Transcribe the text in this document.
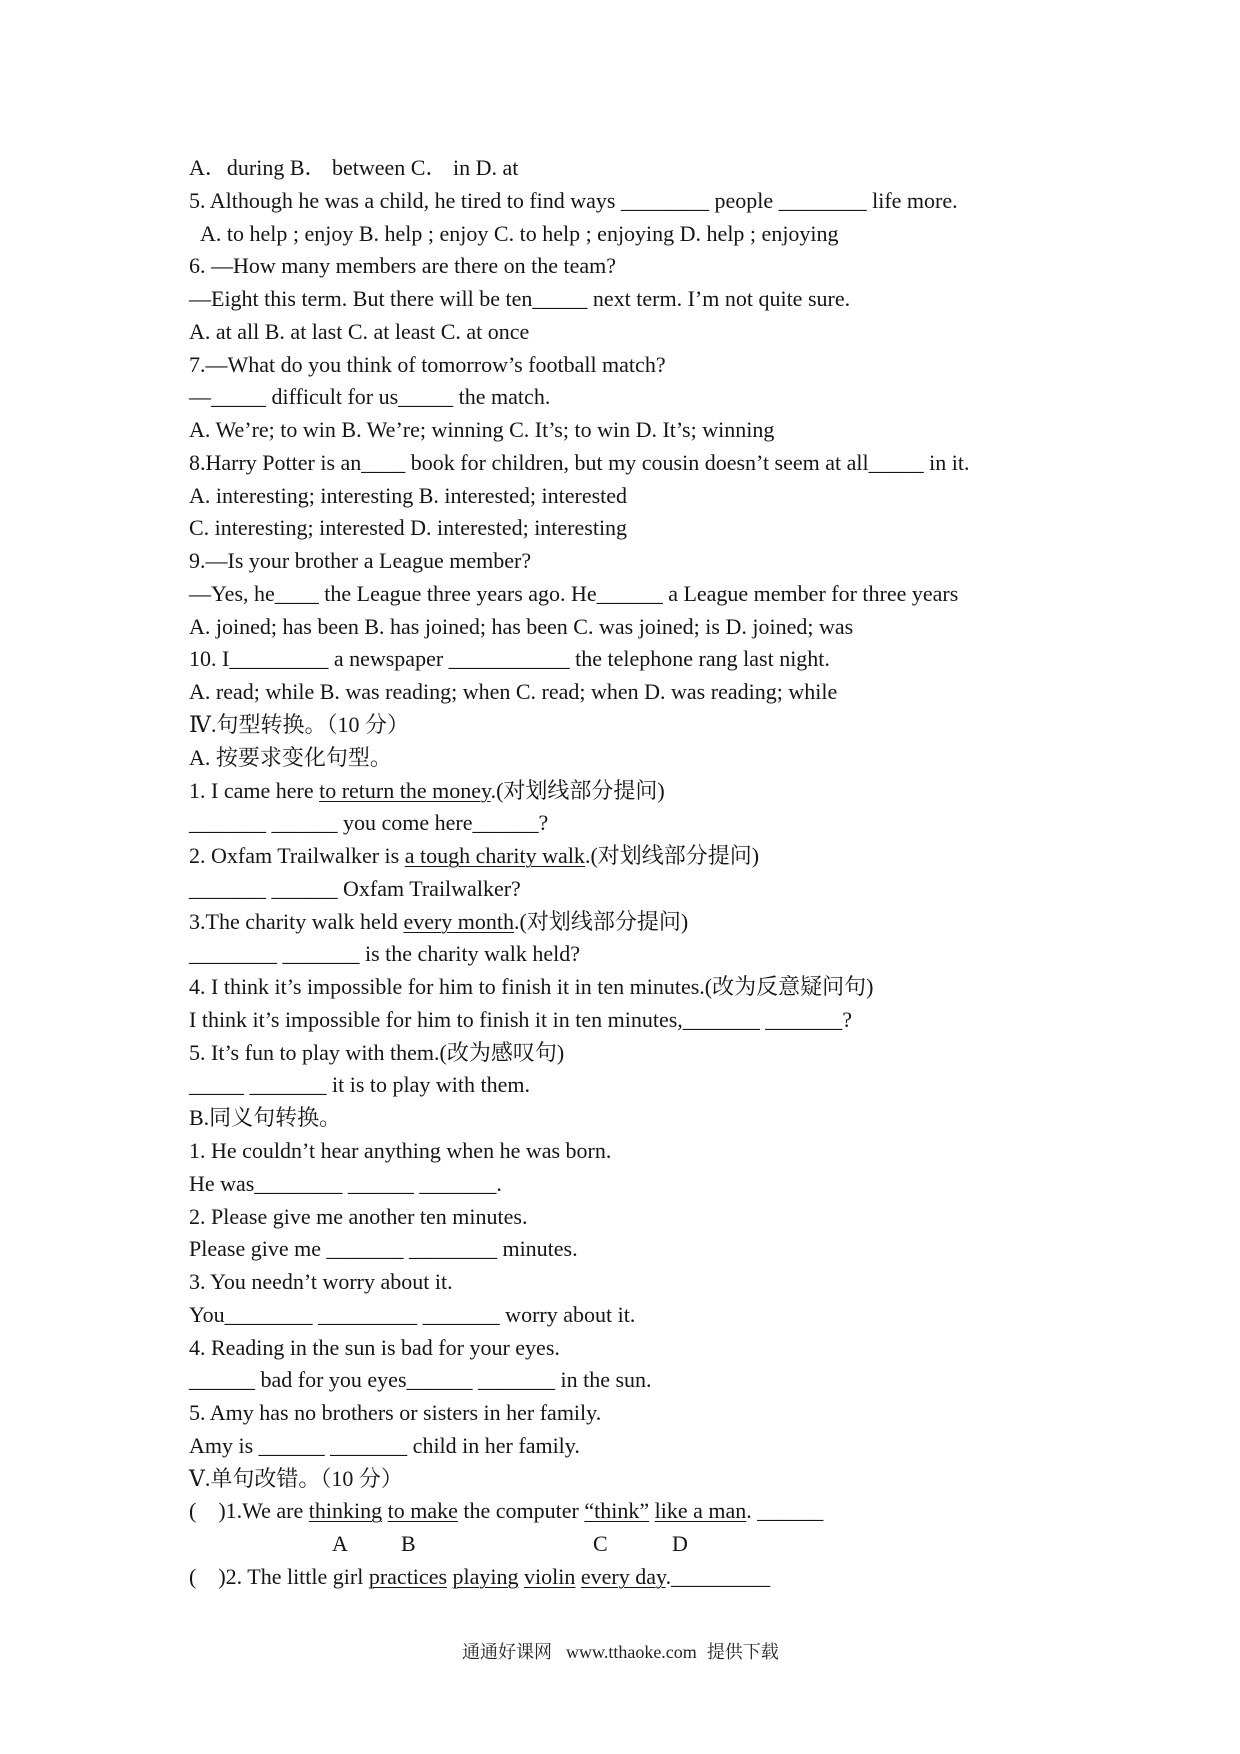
A．during B． between C． in D. at
5. Although he was a child, he tired to find ways ________ people ________ life more.
A. to help ; enjoy B. help ; enjoy C. to help ; enjoying D. help ; enjoying
6. —How many members are there on the team?
—Eight this term. But there will be ten_____ next term. I’m not quite sure.
A. at all B. at last C. at least C. at once
7.—What do you think of tomorrow’s football match?
—_____ difficult for us_____ the match.
A. We’re; to win B. We’re; winning C. It’s; to win D. It’s; winning
8.Harry Potter is an____ book for children, but my cousin doesn’t seem at all_____ in it.
A. interesting; interesting B. interested; interested
C. interesting; interested D. interested; interesting
9.—Is your brother a League member?
—Yes, he____ the League three years ago. He______ a League member for three years
A. joined; has been B. has joined; has been C. was joined; is D. joined; was
10. I_________ a newspaper ___________ the telephone rang last night.
A. read; while B. was reading; when C. read; when D. was reading; while
Ⅳ.句型转换。（10 分）
A. 按要求变化句型。
1. I came here to return the money.(对划线部分提问)
_______ ______ you come here______?
2. Oxfam Trailwalker is a tough charity walk.(对划线部分提问)
_______ ______ Oxfam Trailwalker?
3.The charity walk held every month.(对划线部分提问)
________ _______ is the charity walk held?
4. I think it’s impossible for him to finish it in ten minutes.(改为反意疑问句)
I think it’s impossible for him to finish it in ten minutes,_______ _______?
5. It’s fun to play with them.(改为感叹句)
_____ _______ it is to play with them.
B.同义句转换。
1. He couldn’t hear anything when he was born.
He was________ ______ _______.
2. Please give me another ten minutes.
Please give me _______ ________ minutes.
3. You needn’t worry about it.
You________ _________ _______ worry about it.
4. Reading in the sun is bad for your eyes.
______ bad for you eyes______ _______ in the sun.
5. Amy has no brothers or sisters in her family.
Amy is ______ _______ child in her family.
Ⅴ.单句改错。（10 分）
(    )1.We are thinking to make the computer “think” like a man. ______
A B	C	D
(    )2. The little girl practices playing violin every day._________
通通好课网 www.tthaoke.com 提供下载
